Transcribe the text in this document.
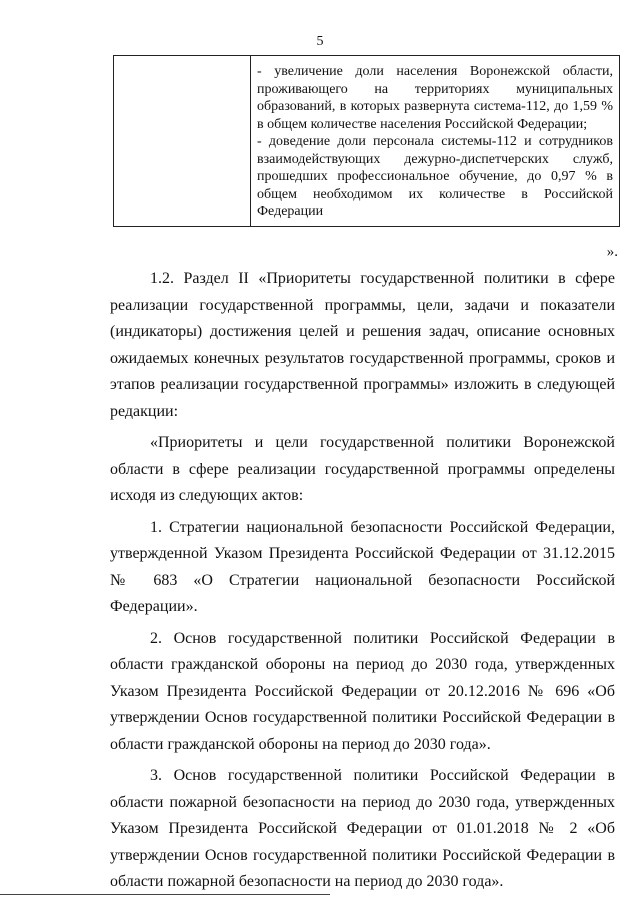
5

- увеличение доли населения Воронежской области, проживающего на территориях муниципальных образований, в которых развернута система-112, до 1,59 % в общем количестве населения Российской Федерации;

- доведение доли персонала системы-112 и сотрудников взаимодействующих дежурно-диспетчерских служб, прошедших профессиональное обучение, до 0,97 % в общем необходимом их количестве в Российской Федерации

».

1.2. Раздел II «Приоритеты государственной политики в сфере реализации государственной программы, цели, задачи и показатели (индикаторы) достижения целей и решения задач, описание основных ожидаемых конечных результатов государственной программы, сроков и этапов реализации государственной программы» изложить в следующей редакции:

«Приоритеты и цели государственной политики Воронежской области в сфере реализации государственной программы определены исходя из следующих актов:

1. Стратегии национальной безопасности Российской Федерации, утвержденной Указом Президента Российской Федерации от 31.12.2015 № 683 «О Стратегии национальной безопасности Российской Федерации».

2. Основ государственной политики Российской Федерации в области гражданской обороны на период до 2030 года, утвержденных Указом Президента Российской Федерации от 20.12.2016 № 696 «Об утверждении Основ государственной политики Российской Федерации в области гражданской обороны на период до 2030 года».

3. Основ государственной политики Российской Федерации в области пожарной безопасности на период до 2030 года, утвержденных Указом Президента Российской Федерации от 01.01.2018 № 2 «Об утверждении Основ государственной политики Российской Федерации в области пожарной безопасности на период до 2030 года».
